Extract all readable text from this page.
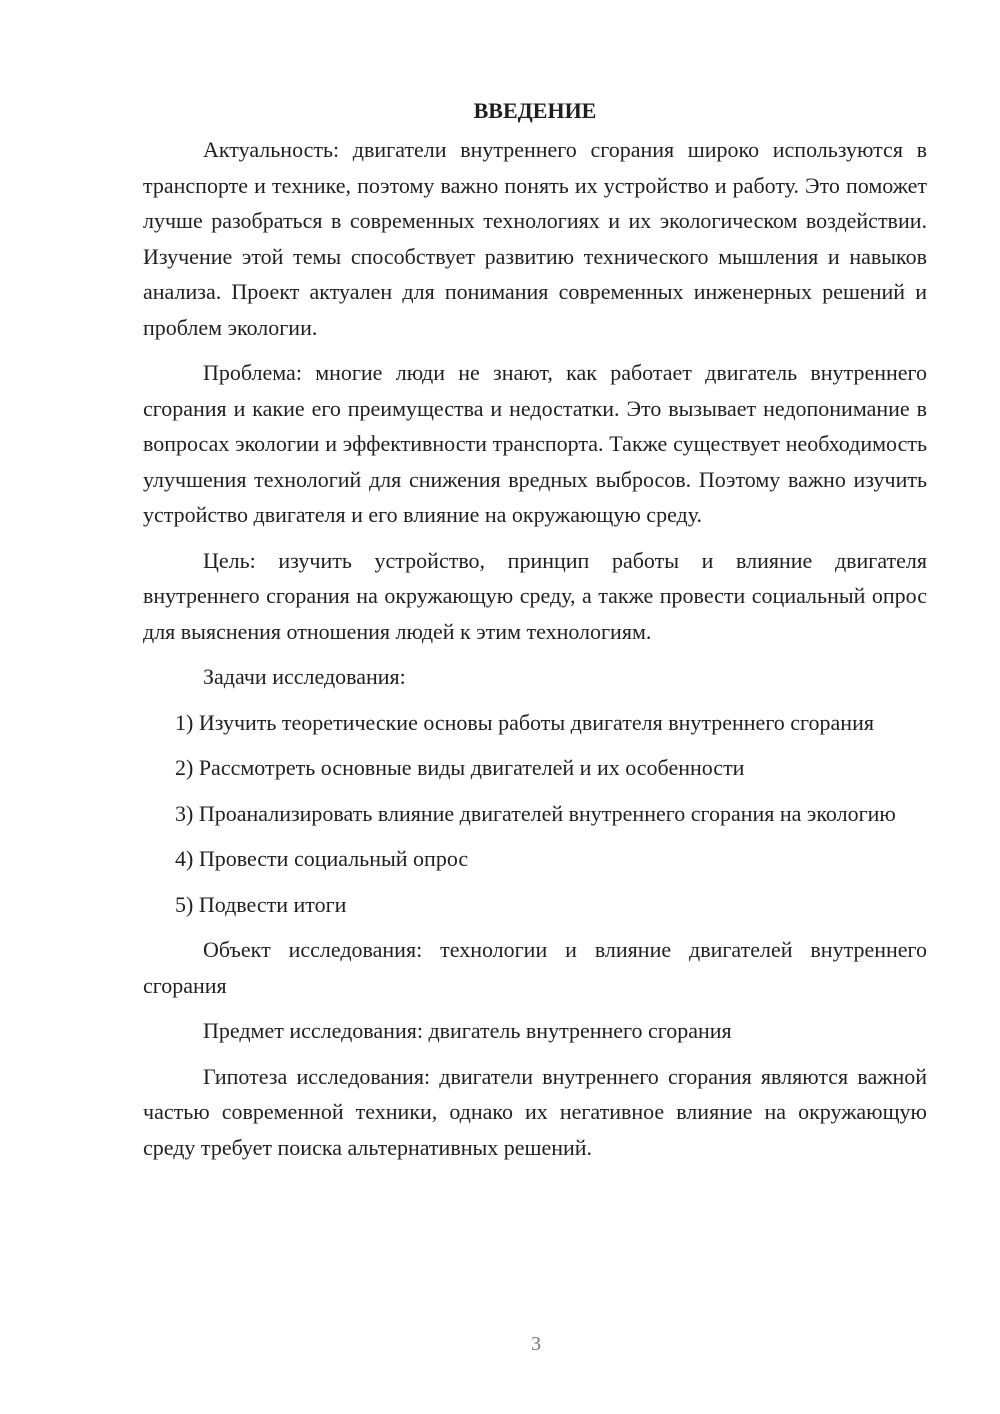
ВВЕДЕНИЕ

Актуальность: двигатели внутреннего сгорания широко используются в транспорте и технике, поэтому важно понять их устройство и работу. Это поможет лучше разобраться в современных технологиях и их экологическом воздействии. Изучение этой темы способствует развитию технического мышления и навыков анализа. Проект актуален для понимания современных инженерных решений и проблем экологии.

Проблема: многие люди не знают, как работает двигатель внутреннего сгорания и какие его преимущества и недостатки. Это вызывает недопонимание в вопросах экологии и эффективности транспорта. Также существует необходимость улучшения технологий для снижения вредных выбросов. Поэтому важно изучить устройство двигателя и его влияние на окружающую среду.

Цель: изучить устройство, принцип работы и влияние двигателя внутреннего сгорания на окружающую среду, а также провести социальный опрос для выяснения отношения людей к этим технологиям.

Задачи исследования:

1) Изучить теоретические основы работы двигателя внутреннего сгорания

2) Рассмотреть основные виды двигателей и их особенности

3) Проанализировать влияние двигателей внутреннего сгорания на экологию

4) Провести социальный опрос

5) Подвести итоги

Объект исследования: технологии и влияние двигателей внутреннего сгорания

Предмет исследования: двигатель внутреннего сгорания

Гипотеза исследования: двигатели внутреннего сгорания являются важной частью современной техники, однако их негативное влияние на окружающую среду требует поиска альтернативных решений.

3
